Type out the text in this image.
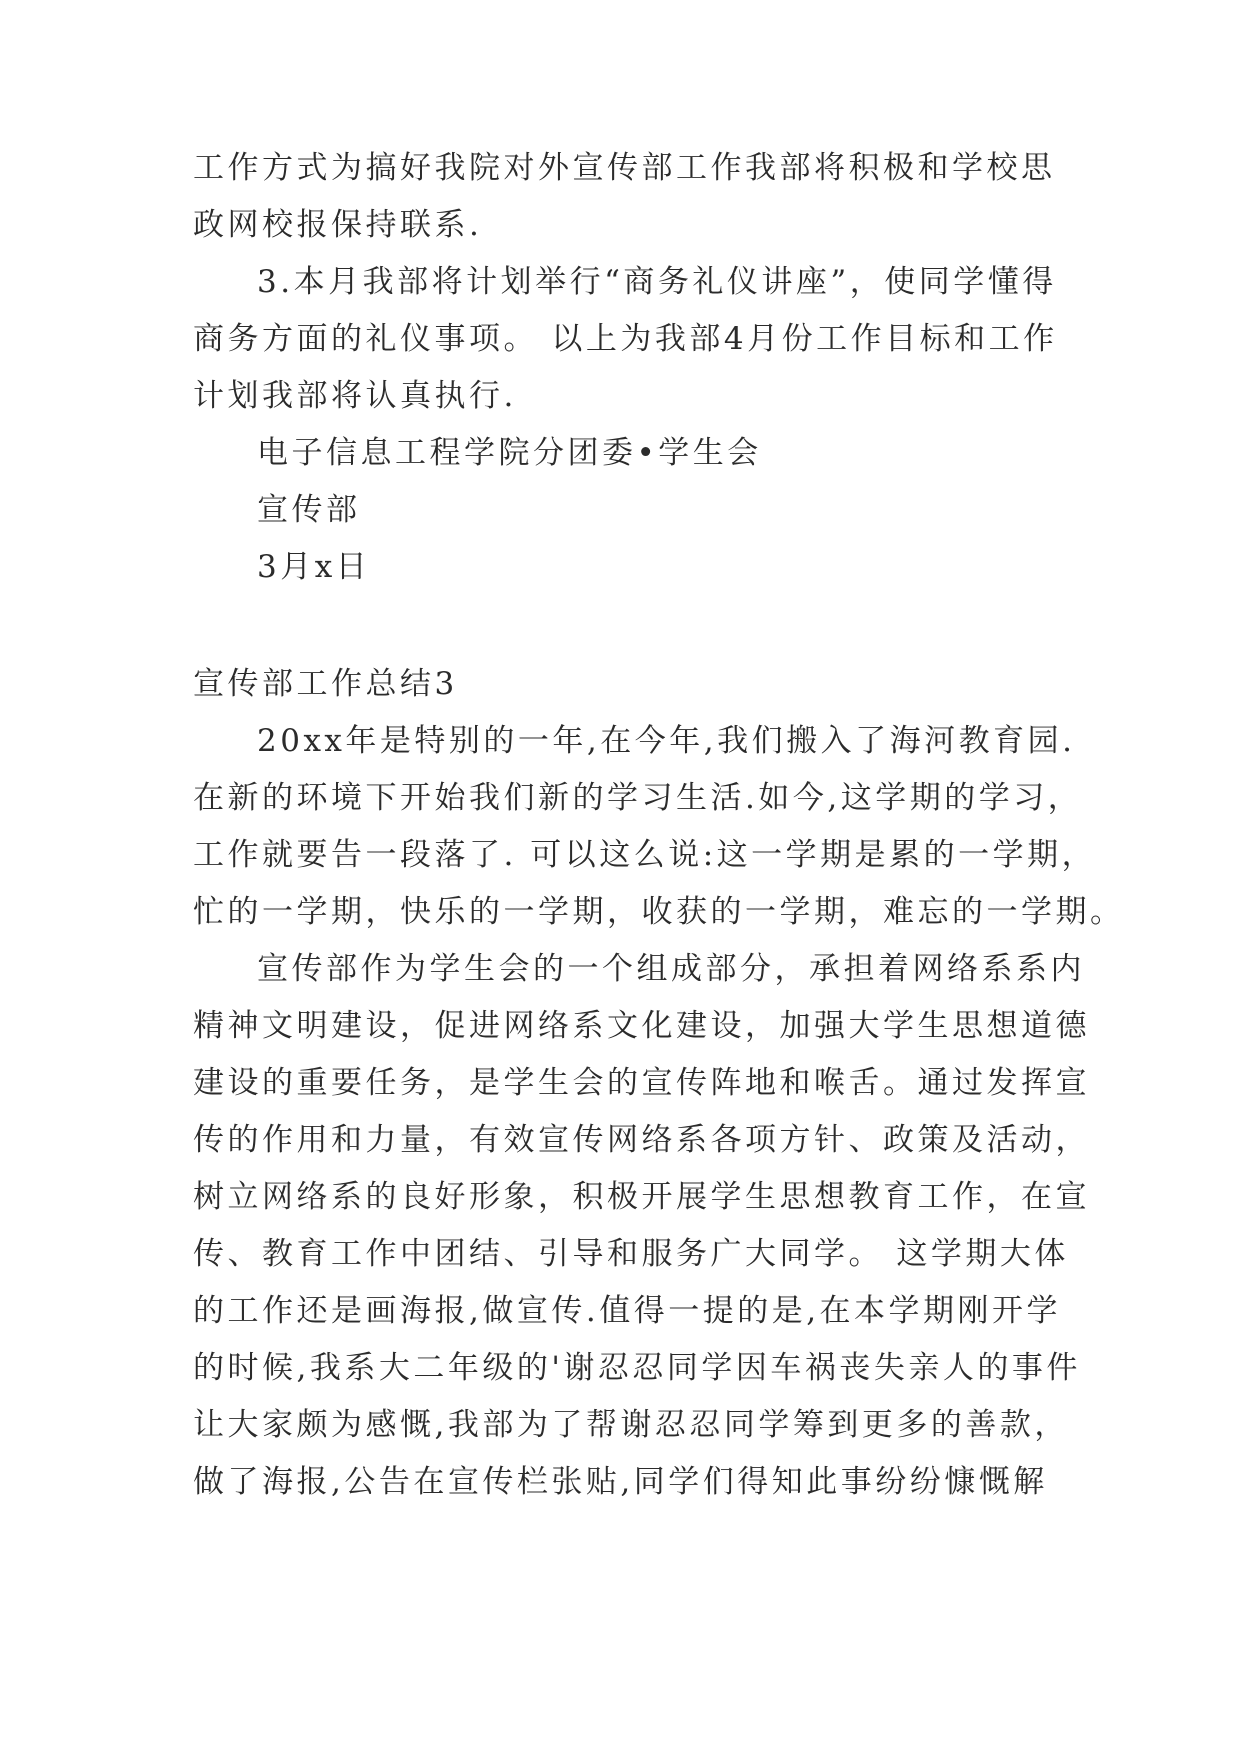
工作方式为搞好我院对外宣传部工作我部将积极和学校思
政网校报保持联系.
3.本月我部将计划举行“商务礼仪讲座”，使同学懂得
商务方面的礼仪事项。 以上为我部4月份工作目标和工作
计划我部将认真执行.
电子信息工程学院分团委•学生会
宣传部
3月x日
宣传部工作总结3
20xx年是特别的一年,在今年,我们搬入了海河教育园.
在新的环境下开始我们新的学习生活.如今,这学期的学习，
工作就要告一段落了. 可以这么说:这一学期是累的一学期，
忙的一学期，快乐的一学期，收获的一学期，难忘的一学期。
宣传部作为学生会的一个组成部分，承担着网络系系内
精神文明建设，促进网络系文化建设，加强大学生思想道德
建设的重要任务，是学生会的宣传阵地和喉舌。通过发挥宣
传的作用和力量，有效宣传网络系各项方针、政策及活动，
树立网络系的良好形象，积极开展学生思想教育工作，在宣
传、教育工作中团结、引导和服务广大同学。 这学期大体
的工作还是画海报,做宣传.值得一提的是,在本学期刚开学
的时候,我系大二年级的'谢忍忍同学因车祸丧失亲人的事件
让大家颇为感慨,我部为了帮谢忍忍同学筹到更多的善款，
做了海报,公告在宣传栏张贴,同学们得知此事纷纷慷慨解
